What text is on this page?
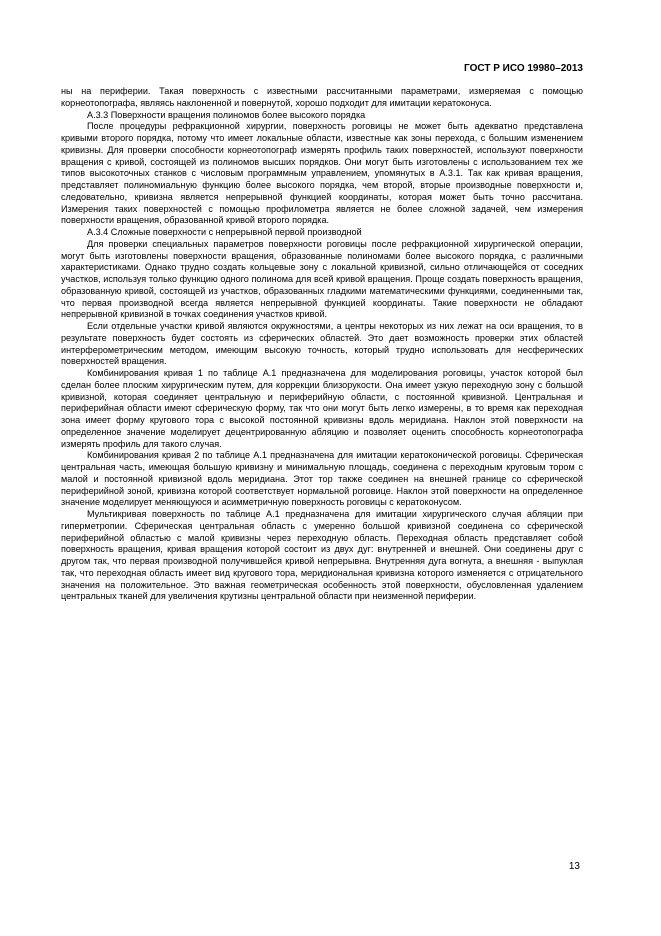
ГОСТ Р ИСО 19980–2013

ны на периферии. Такая поверхность с известными рассчитанными параметрами, измеряемая с помощью корнеотопографа, являясь наклоненной и повернутой, хорошо подходит для имитации кератоконуса.

А.3.3 Поверхности вращения полиномов более высокого порядка

После процедуры рефракционной хирургии, поверхность роговицы не может быть адекватно представлена кривыми второго порядка, потому что имеет локальные области, известные как зоны перехода, с большим изменением кривизны. Для проверки способности корнеотопограф измерять профиль таких поверхностей, используют поверхности вращения с кривой, состоящей из полиномов высших порядков. Они могут быть изготовлены с использованием тех же типов высокоточных станков с числовым программным управлением, упомянутых в А.3.1. Так как кривая вращения, представляет полиномиальную функцию более высокого порядка, чем второй, вторые производные поверхности и, следовательно, кривизна является непрерывной функцией координаты, которая может быть точно рассчитана. Измерения таких поверхностей с помощью профилометра является не более сложной задачей, чем измерения поверхности вращения, образованной кривой второго порядка.

А.3.4 Сложные поверхности с непрерывной первой производной

Для проверки специальных параметров поверхности роговицы после рефракционной хирургической операции, могут быть изготовлены поверхности вращения, образованные полиномами более высокого порядка, с различными характеристиками. Однако трудно создать кольцевые зону с локальной кривизной, сильно отличающейся от соседних участков, используя только функцию одного полинома для всей кривой вращения. Проще создать поверхность вращения, образованную кривой, состоящей из участков, образованных гладкими математическими функциями, соединенными так, что первая производной всегда является непрерывной функцией координаты. Такие поверхности не обладают непрерывной кривизной в точках соединения участков кривой.

Если отдельные участки кривой являются окружностями, а центры некоторых из них лежат на оси вращения, то в результате поверхность будет состоять из сферических областей. Это дает возможность проверки этих областей интерферометрическим методом, имеющим высокую точность, который трудно использовать для несферических поверхностей вращения.

Комбинирования кривая 1 по таблице А.1 предназначена для моделирования роговицы, участок которой был сделан более плоским хирургическим путем, для коррекции близорукости. Она имеет узкую переходную зону с большой кривизной, которая соединяет центральную и периферийную области, с постоянной кривизной. Центральная и периферийная области имеют сферическую форму, так что они могут быть легко измерены, в то время как переходная зона имеет форму кругового тора с высокой постоянной кривизны вдоль меридиана. Наклон этой поверхности на определенное значение моделирует децентрированную абляцию и позволяет оценить способность корнеотопографа измерять профиль для такого случая.

Комбинирования кривая 2 по таблице А.1 предназначена для имитации кератоконической роговицы. Сферическая центральная часть, имеющая большую кривизну и минимальную площадь, соединена с переходным круговым тором с малой и постоянной кривизной вдоль меридиана. Этот тор также соединен на внешней границе со сферической периферийной зоной, кривизна которой соответствует нормальной роговице. Наклон этой поверхности на определенное значение моделирует меняющуюся и асимметричную поверхность роговицы с кератоконусом.

Мультикривая поверхность по таблице А.1 предназначена для имитации хирургического случая абляции при гиперметропии. Сферическая центральная область с умеренно большой кривизной соединена со сферической периферийной областью с малой кривизны через переходную область. Переходная область представляет собой поверхность вращения, кривая вращения которой состоит из двух дуг: внутренней и внешней. Они соединены друг с другом так, что первая производной получившейся кривой непрерывна. Внутренняя дуга вогнута, а внешняя - выпуклая так, что переходная область имеет вид кругового тора, меридиональная кривизна которого изменяется с отрицательного значения на положительное. Это важная геометрическая особенность этой поверхности, обусловленная удалением центральных тканей для увеличения крутизны центральной области при неизменной периферии.

13
